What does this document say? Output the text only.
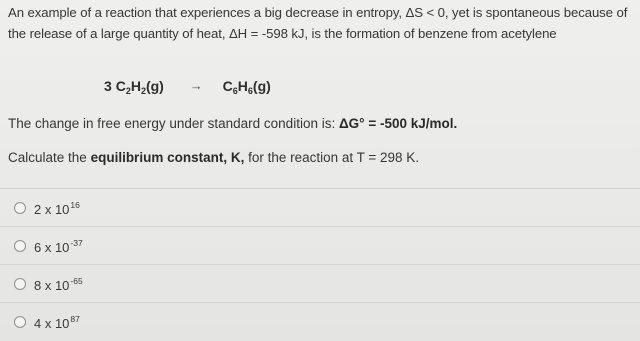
An example of a reaction that experiences a big decrease in entropy, ΔS < 0, yet is spontaneous because of the release of a large quantity of heat, ΔH = -598 kJ, is the formation of benzene from acetylene
3 $C_2H_2(g) \to C_6H_6(g)$
The change in free energy under standard condition is: ΔG° = -500 kJ/mol.
Calculate the equilibrium constant, K, for the reaction at T = 298 K.
2 x $10^{16}$
6 x $10^{-37}$
8 x $10^{-65}$
4 x $10^{87}$
